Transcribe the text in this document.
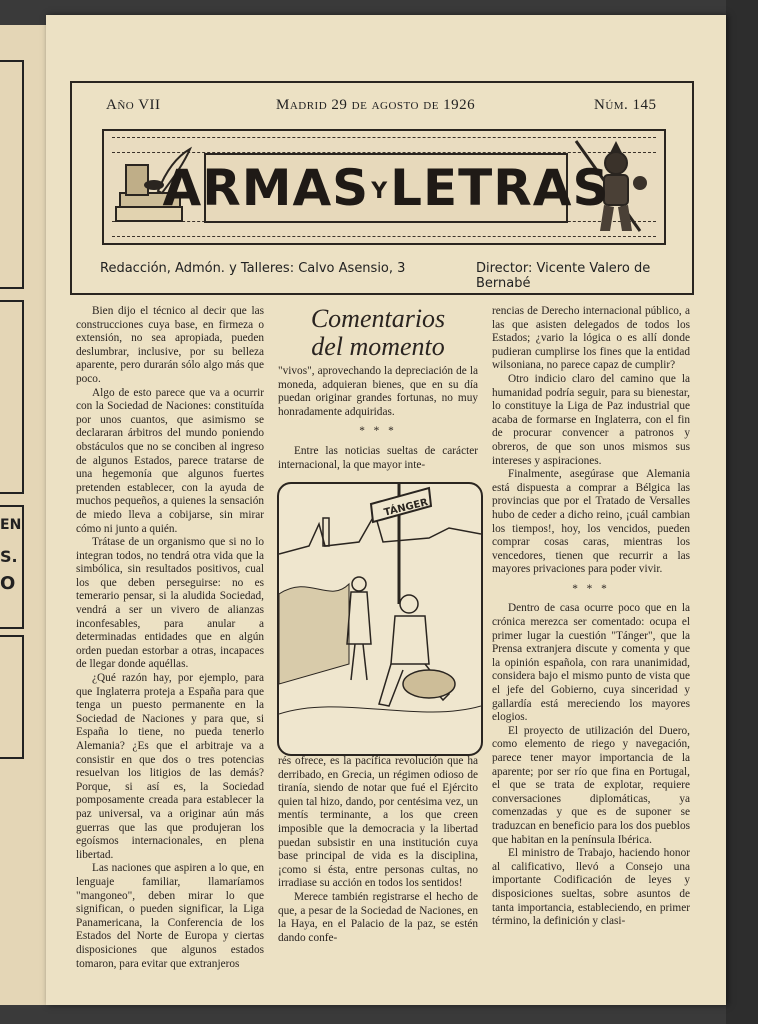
EN
S.
O
Año VII	Madrid 29 de agosto de 1926	Núm. 145
ARMASYLETRAS
Redacción, Admón. y Talleres: Calvo Asensio, 3	Director: Vicente Valero de Bernabé

Bien dijo el técnico al decir que las construcciones cuya base, en firmeza o extensión, no sea apropiada, pueden deslumbrar, inclusive, por su belleza aparente, pero durarán sólo algo más que poco.

Algo de esto parece que va a ocurrir con la Sociedad de Naciones: constituída por unos cuantos, que asimismo se declararan árbitros del mundo poniendo obstáculos que no se conciben al ingreso de algunos Estados, parece tratarse de una hegemonía que algunos fuertes pretenden establecer, con la ayuda de muchos pequeños, a quienes la sensación de miedo lleva a cobijarse, sin mirar cómo ni junto a quién.

Trátase de un organismo que si no lo integran todos, no tendrá otra vida que la simbólica, sin resultados positivos, cual los que deben perseguirse: no es temerario pensar, si la aludida Sociedad, vendrá a ser un vivero de alianzas inconfesables, para anular a determinadas entidades que en algún orden puedan estorbar a otras, incapaces de llegar donde aquéllas.

¿Qué razón hay, por ejemplo, para que Inglaterra proteja a España para que tenga un puesto permanente en la Sociedad de Naciones y para que, si España lo tiene, no pueda tenerlo Alemania? ¿Es que el arbitraje va a consistir en que dos o tres potencias resuelvan los litigios de las demás? Porque, si así es, la Sociedad pomposamente creada para establecer la paz universal, va a originar aún más guerras que las que produjeran los egoísmos internacionales, en plena libertad.

Las naciones que aspiren a lo que, en lenguaje familiar, llamaríamos "mangoneo", deben mirar lo que significan, o pueden significar, la Liga Panamericana, la Conferencia de los Estados del Norte de Europa y ciertas disposiciones que algunos estados tomaron, para evitar que extranjeros

Comentarios
del momento

"vivos", aprovechando la depreciación de la moneda, adquieran bienes, que en su día puedan originar grandes fortunas, no muy honradamente adquiridas.

* * *

Entre las noticias sueltas de carácter internacional, la que mayor inte-

TÁNGER

rés ofrece, es la pacífica revolución que ha derribado, en Grecia, un régimen odioso de tiranía, siendo de notar que fué el Ejército quien tal hizo, dando, por centésima vez, un mentís terminante, a los que creen imposible que la democracia y la libertad puedan subsistir en una institución cuya base principal de vida es la disciplina, ¡como si ésta, entre personas cultas, no irradiase su acción en todos los sentidos!

Merece también registrarse el hecho de que, a pesar de la Sociedad de Naciones, en la Haya, en el Palacio de la paz, se estén dando confe-

rencias de Derecho internacional público, a las que asisten delegados de todos los Estados; ¿vario la lógica o es allí donde pudieran cumplirse los fines que la entidad wilsoniana, no parece capaz de cumplir?

Otro indicio claro del camino que la humanidad podría seguir, para su bienestar, lo constituye la Liga de Paz industrial que acaba de formarse en Inglaterra, con el fin de procurar convencer a patronos y obreros, de que son unos mismos sus intereses y aspiraciones.

Finalmente, asegúrase que Alemania está dispuesta a comprar a Bélgica las provincias que por el Tratado de Versalles hubo de ceder a dicho reino, ¡cuál cambian los tiempos!, hoy, los vencidos, pueden comprar cosas caras, mientras los vencedores, tienen que recurrir a las mayores privaciones para poder vivir.

* * *

Dentro de casa ocurre poco que en la crónica merezca ser comentado: ocupa el primer lugar la cuestión "Tánger", que la Prensa extranjera discute y comenta y que la opinión española, con rara unanimidad, considera bajo el mismo punto de vista que el jefe del Gobierno, cuya sinceridad y gallardía está mereciendo los mayores elogios.

El proyecto de utilización del Duero, como elemento de riego y navegación, parece tener mayor importancia de la aparente; por ser río que fina en Portugal, el que se trata de explotar, requiere conversaciones diplomáticas, ya comenzadas y que es de suponer se traduzcan en beneficio para los dos pueblos que habitan en la península Ibérica.

El ministro de Trabajo, haciendo honor al calificativo, llevó a Consejo una importante Codificación de leyes y disposiciones sueltas, sobre asuntos de tanta importancia, estableciendo, en primer término, la definición y clasi-
